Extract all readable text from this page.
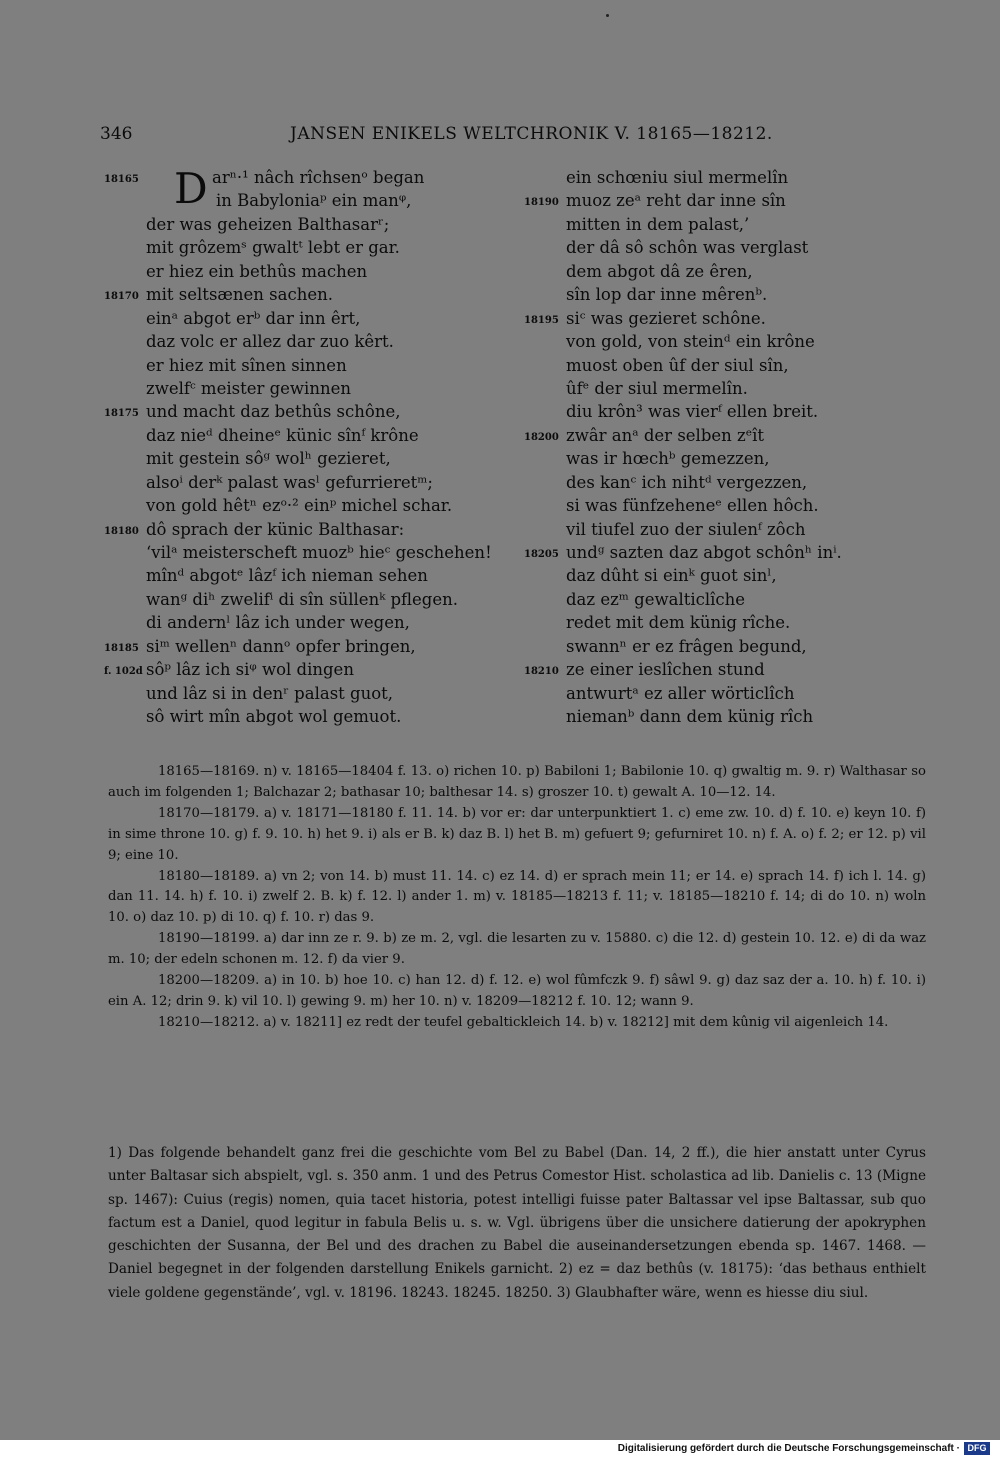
346	JANSEN ENIKELS WELTCHRONIK V. 18165—18212.
18165	arⁿ·¹ nâch rîchsenᵒ began
in Babyloniaᵖ ein manᵠ,
der was geheizen Balthasarʳ;
mit grôzemˢ gwaltᵗ lebt er gar.
er hiez ein bethûs machen
18170 mit seltsænen sachen.
einᵃ abgot erᵇ dar inn êrt,
daz volc er allez dar zuo kêrt.
er hiez mit sînen sinnen
zwelfᶜ meister gewinnen
18175 und macht daz bethûs schône,
daz nieᵈ dheineᵉ künic sînᶠ krône
mit gestein sôᵍ wolʰ gezieret,
alsoⁱ derᵏ palast wasˡ gefurrieretᵐ;
von gold hêtⁿ ezᵒ·² einᵖ michel schar.
18180 dô sprach der künic Balthasar:
‘vilᵃ meisterscheft muozᵇ hieᶜ geschehen!
mînᵈ abgotᵉ lâzᶠ ich nieman sehen
wanᵍ diʰ zwelifⁱ di sîn süllenᵏ pflegen.
di andernˡ lâz ich under wegen,
18185 siᵐ wellenⁿ dannᵒ opfer bringen,
f. 102d sôᵖ lâz ich siᵠ wol dingen
und lâz si in denʳ palast guot,
sô wirt mîn abgot wol gemuot.
D	ein schœniu siul mermelîn
18190 muoz zeᵃ reht dar inne sîn
mitten in dem palast,’
der dâ sô schôn was verglast
dem abgot dâ ze êren,
sîn lop dar inne mêrenᵇ.
18195 siᶜ was gezieret schône.
von gold, von steinᵈ ein krône
muost oben ûf der siul sîn,
ûfᵉ der siul mermelîn.
diu krôn³ was vierᶠ ellen breit.
18200 zwâr anᵃ der selben zᵉît
was ir hœchᵇ gemezzen,
des kanᶜ ich nihtᵈ vergezzen,
si was fünfzeheneᵉ ellen hôch.
vil tiufel zuo der siulenᶠ zôch
18205 undᵍ sazten daz abgot schônʰ inⁱ.
daz dûht si einᵏ guot sinˡ,
daz ezᵐ gewalticlîche
redet mit dem künig rîche.
swannⁿ er ez frâgen begund,
18210 ze einer ieslîchen stund
antwurtᵃ ez aller wörticlîch
niemanᵇ dann dem künig rîch

18165—18169. n) v. 18165—18404 f. 13. o) richen 10. p) Babiloni 1; Babilonie 10. q) gwaltig m. 9. r) Walthasar so auch im folgenden 1; Balchazar 2; bathasar 10; balthesar 14. s) groszer 10. t) gewalt A. 10—12. 14.

18170—18179. a) v. 18171—18180 f. 11. 14. b) vor er: dar unterpunktiert 1. c) eme zw. 10. d) f. 10. e) keyn 10. f) in sime throne 10. g) f. 9. 10. h) het 9. i) als er B. k) daz B. l) het B. m) gefuert 9; gefurniret 10. n) f. A. o) f. 2; er 12. p) vil 9; eine 10.

18180—18189. a) vn 2; von 14. b) must 11. 14. c) ez 14. d) er sprach mein 11; er 14. e) sprach 14. f) ich l. 14. g) dan 11. 14. h) f. 10. i) zwelf 2. B. k) f. 12. l) ander 1. m) v. 18185—18213 f. 11; v. 18185—18210 f. 14; di do 10. n) woln 10. o) daz 10. p) di 10. q) f. 10. r) das 9.

18190—18199. a) dar inn ze r. 9. b) ze m. 2, vgl. die lesarten zu v. 15880. c) die 12. d) gestein 10. 12. e) di da waz m. 10; der edeln schonen m. 12. f) da vier 9.

18200—18209. a) in 10. b) hoe 10. c) han 12. d) f. 12. e) wol fûmfczk 9. f) sâwl 9. g) daz saz der a. 10. h) f. 10. i) ein A. 12; drin 9. k) vil 10. l) gewing 9. m) her 10. n) v. 18209—18212 f. 10. 12; wann 9.

18210—18212. a) v. 18211] ez redt der teufel gebaltickleich 14. b) v. 18212] mit dem kûnig vil aigenleich 14.

1) Das folgende behandelt ganz frei die geschichte vom Bel zu Babel (Dan. 14, 2 ff.), die hier anstatt unter Cyrus unter Baltasar sich abspielt, vgl. s. 350 anm. 1 und des Petrus Comestor Hist. scholastica ad lib. Danielis c. 13 (Migne sp. 1467): Cuius (regis) nomen, quia tacet historia, potest intelligi fuisse pater Baltassar vel ipse Baltassar, sub quo factum est a Daniel, quod legitur in fabula Belis u. s. w. Vgl. übrigens über die unsichere datierung der apokryphen geschichten der Susanna, der Bel und des drachen zu Babel die auseinandersetzungen ebenda sp. 1467. 1468. — Daniel begegnet in der folgenden darstellung Enikels garnicht. 2) ez = daz bethûs (v. 18175): ‘das bethaus enthielt viele goldene gegenstände’, vgl. v. 18196. 18243. 18245. 18250. 3) Glaubhafter wäre, wenn es hiesse diu siul.
Digitalisierung gefördert durch die Deutsche Forschungsgemeinschaft · DFG
